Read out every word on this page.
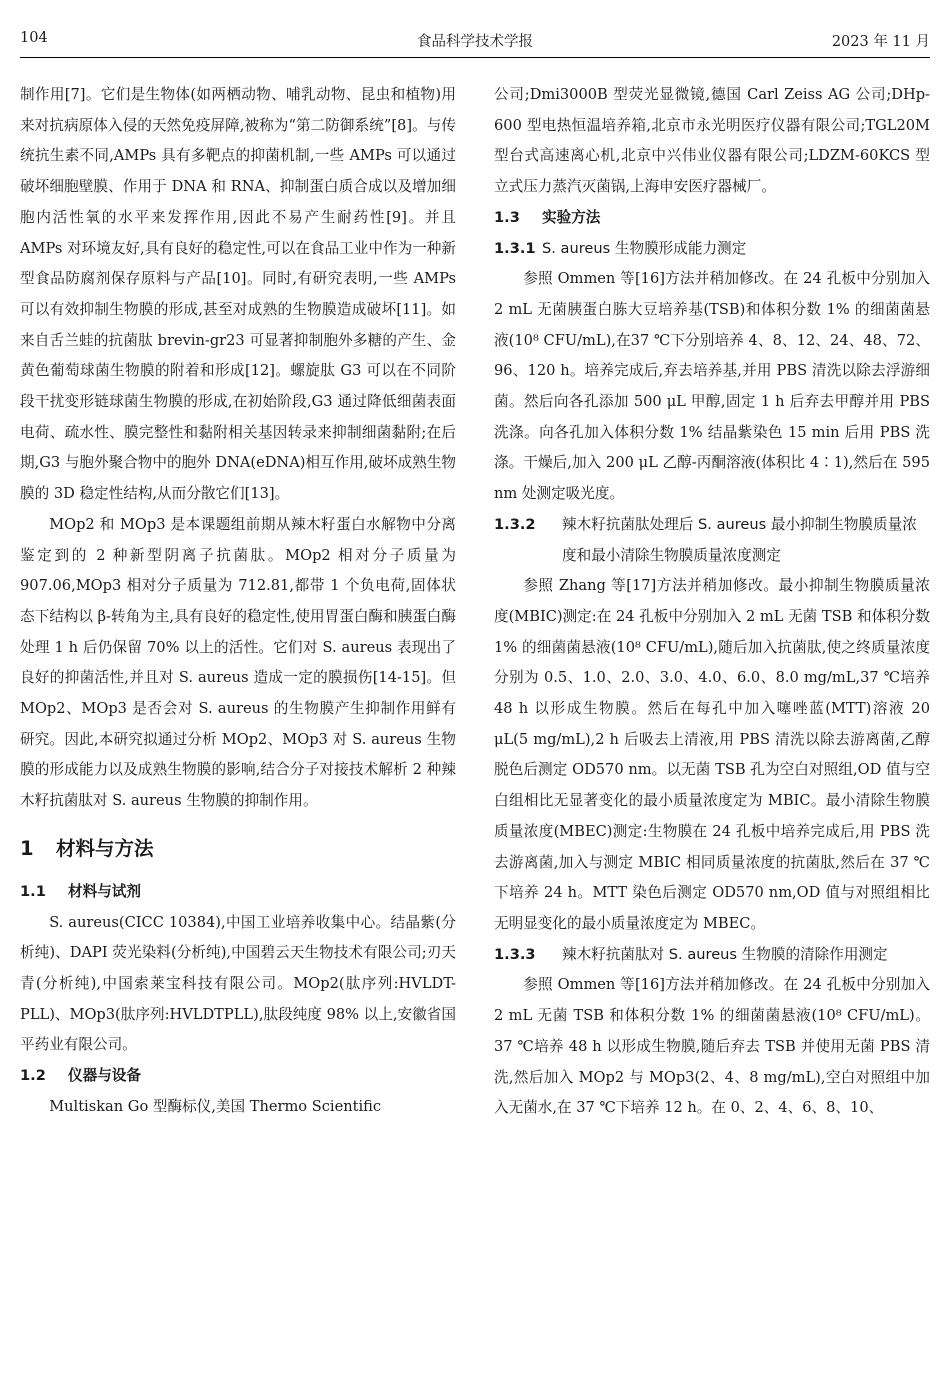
104	食品科学技术学报	2023 年 11 月

制作用[7]。它们是生物体(如两栖动物、哺乳动物、昆虫和植物)用来对抗病原体入侵的天然免疫屏障,被称为“第二防御系统”[8]。与传统抗生素不同,AMPs 具有多靶点的抑菌机制,一些 AMPs 可以通过破坏细胞壁膜、作用于 DNA 和 RNA、抑制蛋白质合成以及增加细胞内活性氧的水平来发挥作用,因此不易产生耐药性[9]。并且 AMPs 对环境友好,具有良好的稳定性,可以在食品工业中作为一种新型食品防腐剂保存原料与产品[10]。同时,有研究表明,一些 AMPs 可以有效抑制生物膜的形成,甚至对成熟的生物膜造成破坏[11]。如来自舌兰蛙的抗菌肽 brevin-gr23 可显著抑制胞外多糖的产生、金黄色葡萄球菌生物膜的附着和形成[12]。螺旋肽 G3 可以在不同阶段干扰变形链球菌生物膜的形成,在初始阶段,G3 通过降低细菌表面电荷、疏水性、膜完整性和黏附相关基因转录来抑制细菌黏附;在后期,G3 与胞外聚合物中的胞外 DNA(eDNA)相互作用,破坏成熟生物膜的 3D 稳定性结构,从而分散它们[13]。

MOp2 和 MOp3 是本课题组前期从辣木籽蛋白水解物中分离鉴定到的 2 种新型阴离子抗菌肽。MOp2 相对分子质量为 907.06,MOp3 相对分子质量为 712.81,都带 1 个负电荷,固体状态下结构以 β-转角为主,具有良好的稳定性,使用胃蛋白酶和胰蛋白酶处理 1 h 后仍保留 70% 以上的活性。它们对 S. aureus 表现出了良好的抑菌活性,并且对 S. aureus 造成一定的膜损伤[14-15]。但 MOp2、MOp3 是否会对 S. aureus 的生物膜产生抑制作用鲜有研究。因此,本研究拟通过分析 MOp2、MOp3 对 S. aureus 生物膜的形成能力以及成熟生物膜的影响,结合分子对接技术解析 2 种辣木籽抗菌肽对 S. aureus 生物膜的抑制作用。

1 材料与方法
1.1 材料与试剂

S. aureus(CICC 10384),中国工业培养收集中心。结晶紫(分析纯)、DAPI 荧光染料(分析纯),中国碧云天生物技术有限公司;刃天青(分析纯),中国索莱宝科技有限公司。MOp2(肽序列:HVLDT-PLL)、MOp3(肽序列:HVLDTPLL),肽段纯度 98% 以上,安徽省国平药业有限公司。

1.2 仪器与设备

Multiskan Go 型酶标仪,美国 Thermo Scientific

公司;Dmi3000B 型荧光显微镜,德国 Carl Zeiss AG 公司;DHp-600 型电热恒温培养箱,北京市永光明医疗仪器有限公司;TGL20M 型台式高速离心机,北京中兴伟业仪器有限公司;LDZM-60KCS 型立式压力蒸汽灭菌锅,上海申安医疗器械厂。

1.3 实验方法
1.3.1 S. aureus 生物膜形成能力测定

参照 Ommen 等[16]方法并稍加修改。在 24 孔板中分别加入 2 mL 无菌胰蛋白胨大豆培养基(TSB)和体积分数 1% 的细菌菌悬液(10⁸ CFU/mL),在37 ℃下分别培养 4、8、12、24、48、72、96、120 h。培养完成后,弃去培养基,并用 PBS 清洗以除去浮游细菌。然后向各孔添加 500 μL 甲醇,固定 1 h 后弃去甲醇并用 PBS 洗涤。向各孔加入体积分数 1% 结晶紫染色 15 min 后用 PBS 洗涤。干燥后,加入 200 μL 乙醇-丙酮溶液(体积比 4∶1),然后在 595 nm 处测定吸光度。

1.3.2	辣木籽抗菌肽处理后 S. aureus 最小抑制生物膜质量浓度和最小清除生物膜质量浓度测定

参照 Zhang 等[17]方法并稍加修改。最小抑制生物膜质量浓度(MBIC)测定:在 24 孔板中分别加入 2 mL 无菌 TSB 和体积分数 1% 的细菌菌悬液(10⁸ CFU/mL),随后加入抗菌肽,使之终质量浓度分别为 0.5、1.0、2.0、3.0、4.0、6.0、8.0 mg/mL,37 ℃培养 48 h 以形成生物膜。然后在每孔中加入噻唑蓝(MTT)溶液 20 μL(5 mg/mL),2 h 后吸去上清液,用 PBS 清洗以除去游离菌,乙醇脱色后测定 OD570 nm。以无菌 TSB 孔为空白对照组,OD 值与空白组相比无显著变化的最小质量浓度定为 MBIC。最小清除生物膜质量浓度(MBEC)测定:生物膜在 24 孔板中培养完成后,用 PBS 洗去游离菌,加入与测定 MBIC 相同质量浓度的抗菌肽,然后在 37 ℃下培养 24 h。MTT 染色后测定 OD570 nm,OD 值与对照组相比无明显变化的最小质量浓度定为 MBEC。

1.3.3	辣木籽抗菌肽对 S. aureus 生物膜的清除作用测定

参照 Ommen 等[16]方法并稍加修改。在 24 孔板中分别加入 2 mL 无菌 TSB 和体积分数 1% 的细菌菌悬液(10⁸ CFU/mL)。37 ℃培养 48 h 以形成生物膜,随后弃去 TSB 并使用无菌 PBS 清洗,然后加入 MOp2 与 MOp3(2、4、8 mg/mL),空白对照组中加入无菌水,在 37 ℃下培养 12 h。在 0、2、4、6、8、10、
